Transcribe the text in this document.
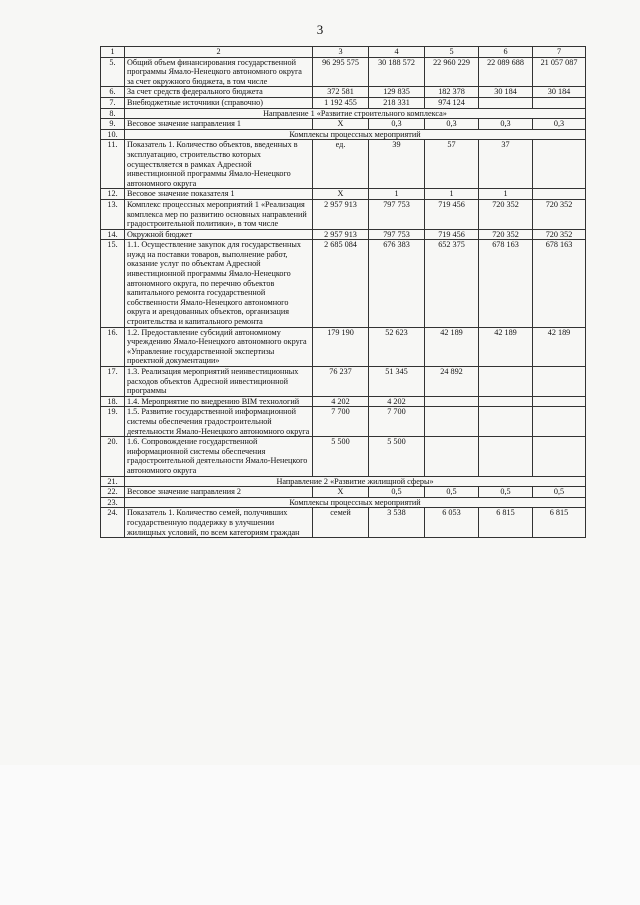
3
1	2	3	4	5	6	7
5.	Общий объем финансирования государственной программы Ямало-Ненецкого автономного округа за счет окружного бюджета, в том числе	96 295 575	30 188 572	22 960 229	22 089 688	21 057 087
6.	За счет средств федерального бюджета	372 581	129 835	182 378	30 184	30 184
7.	Внебюджетные источники (справочно)	1 192 455	218 331	974 124		
8.	Направление 1 «Развитие строительного комплекса»					
9.	Весовое значение направления 1	X	0,3	0,3	0,3	0,3
10.	Комплексы процессных мероприятий					
11.	Показатель 1. Количество объектов, введенных в эксплуатацию, строительство которых осуществляется в рамках Адресной инвестиционной программы Ямало-Ненецкого автономного округа	ед.	39	57	37	
12.	Весовое значение показателя 1	X	1	1	1	
13.	Комплекс процессных мероприятий 1 «Реализация комплекса мер по развитию основных направлений градостроительной политики», в том числе	2 957 913	797 753	719 456	720 352	720 352
14.	Окружной бюджет	2 957 913	797 753	719 456	720 352	720 352
15.	1.1. Осуществление закупок для государственных нужд на поставки товаров, выполнение работ, оказание услуг по объектам Адресной инвестиционной программы Ямало-Ненецкого автономного округа, по перечню объектов капитального ремонта государственной собственности Ямало-Ненецкого автономного округа и арендованных объектов, организация строительства и капитального ремонта	2 685 084	676 383	652 375	678 163	678 163
16.	1.2. Предоставление субсидий автономному учреждению Ямало-Ненецкого автономного округа «Управление государственной экспертизы проектной документации»	179 190	52 623	42 189	42 189	42 189
17.	1.3. Реализация мероприятий неинвестиционных расходов объектов Адресной инвестиционной программы	76 237	51 345	24 892		
18.	1.4. Мероприятие по внедрению BIM технологий	4 202	4 202			
19.	1.5. Развитие государственной информационной системы обеспечения градостроительной деятельности Ямало-Ненецкого автономного округа	7 700	7 700			
20.	1.6. Сопровождение государственной информационной системы обеспечения градостроительной деятельности Ямало-Ненецкого автономного округа	5 500	5 500			
21.	Направление 2 «Развитие жилищной сферы»					
22.	Весовое значение направления 2	X	0,5	0,5	0,5	0,5
23.	Комплексы процессных мероприятий					
24.	Показатель 1. Количество семей, получивших государственную поддержку в улучшении жилищных условий, по всем категориям граждан	семей	3 538	6 053	6 815	6 815
